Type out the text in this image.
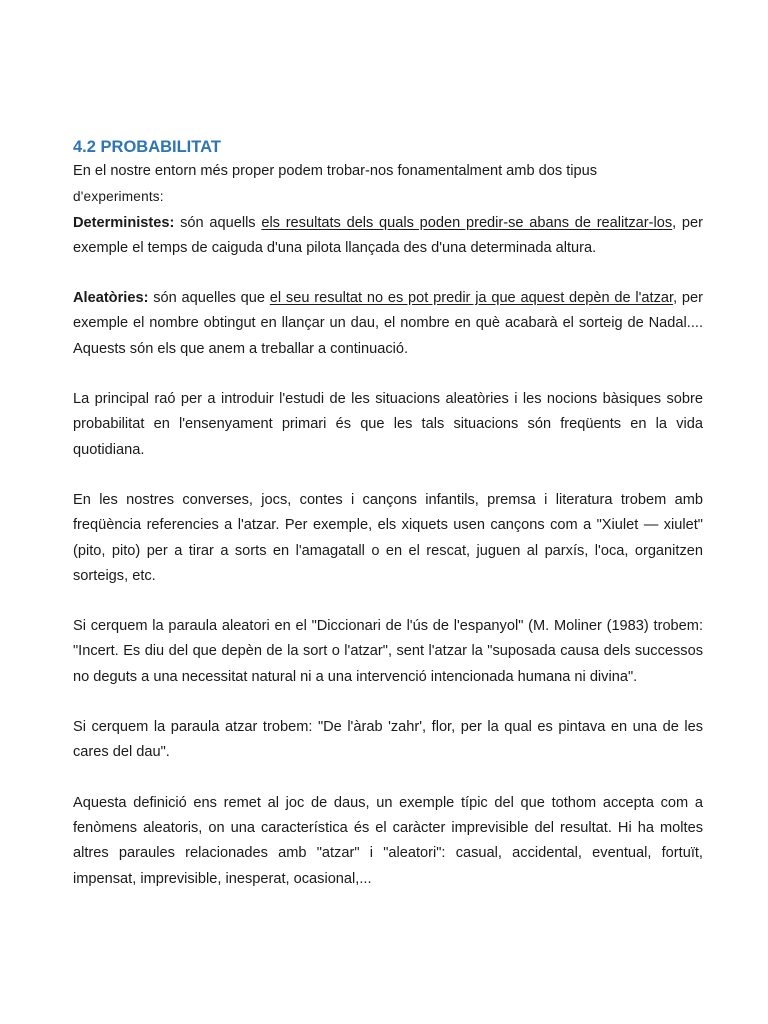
4.2 PROBABILITAT

En el nostre entorn més proper podem trobar-nos fonamentalment amb dos tipus
d'experiments:

Deterministes: són aquells els resultats dels quals poden predir-se abans de realitzar-los, per exemple el temps de caiguda d'una pilota llançada des d'una determinada altura.

Aleatòries: són aquelles que el seu resultat no es pot predir ja que aquest depèn de l'atzar, per exemple el nombre obtingut en llançar un dau, el nombre en què acabarà el sorteig de Nadal.... Aquests són els que anem a treballar a continuació.

La principal raó per a introduir l'estudi de les situacions aleatòries i les nocions bàsiques sobre probabilitat en l'ensenyament primari és que les tals situacions són freqüents en la vida quotidiana.

En les nostres converses, jocs, contes i cançons infantils, premsa i literatura trobem amb freqüència referencies a l'atzar. Per exemple, els xiquets usen cançons com a "Xiulet — xiulet"(pito, pito) per a tirar a sorts en l'amagatall o en el rescat, juguen al parxís, l'oca, organitzen sorteigs, etc.

Si cerquem la paraula aleatori en el "Diccionari de l'ús de l'espanyol" (M. Moliner (1983) trobem: "Incert. Es diu del que depèn de la sort o l'atzar", sent l'atzar la "suposada causa dels successos no deguts a una necessitat natural ni a una intervenció intencionada humana ni divina".

Si cerquem la paraula atzar trobem: "De l'àrab 'zahr', flor, per la qual es pintava en una de les cares del dau".

Aquesta definició ens remet al joc de daus, un exemple típic del que tothom accepta com a fenòmens aleatoris, on una característica és el caràcter imprevisible del resultat. Hi ha moltes altres paraules relacionades amb "atzar" i "aleatori": casual, accidental, eventual, fortuït, impensat, imprevisible, inesperat, ocasional,...
